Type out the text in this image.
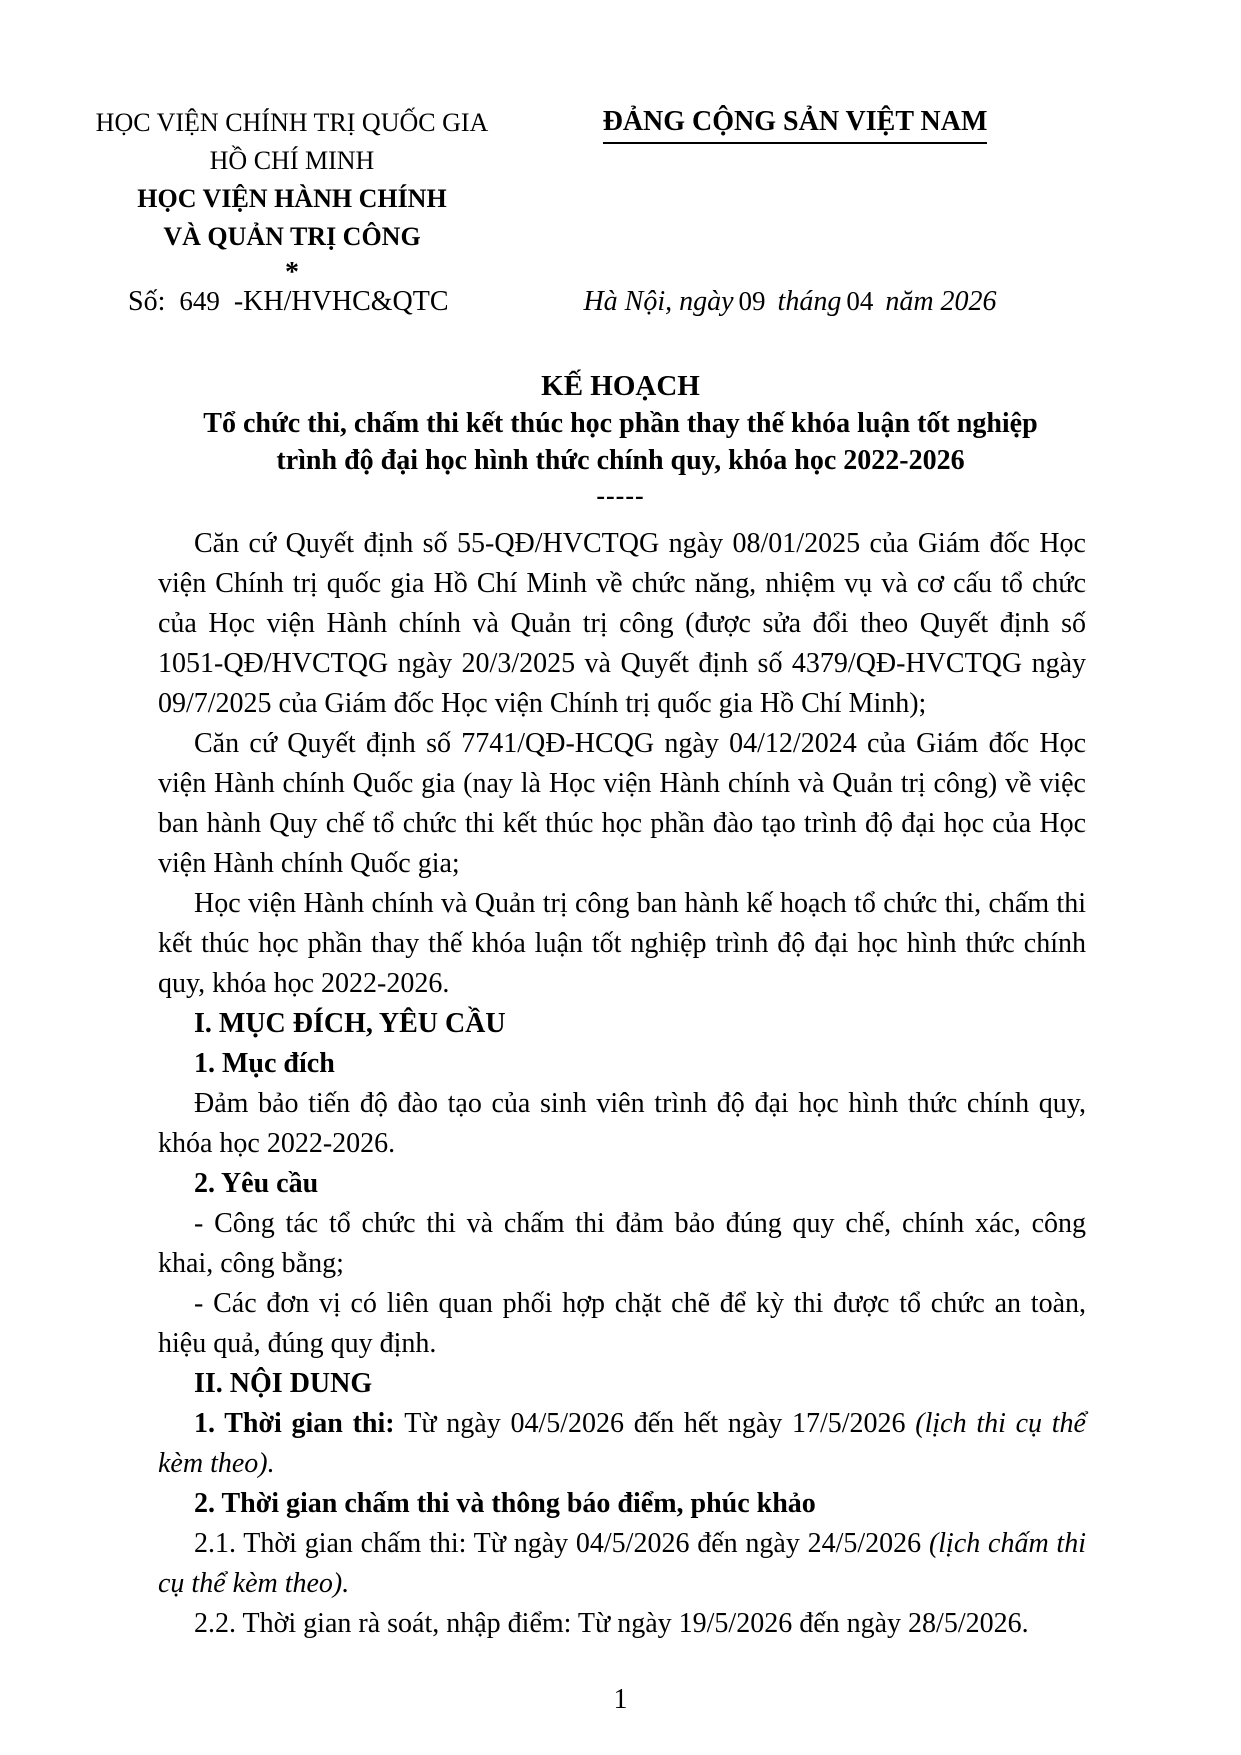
HỌC VIỆN CHÍNH TRỊ QUỐC GIA
HỒ CHÍ MINH
HỌC VIỆN HÀNH CHÍNH
VÀ QUẢN TRỊ CÔNG
*
ĐẢNG CỘNG SẢN VIỆT NAM
Số: 649 -KH/HVHC&QTC	Hà Nội, ngày 09 tháng 04 năm 2026
KẾ HOẠCH
Tổ chức thi, chấm thi kết thúc học phần thay thế khóa luận tốt nghiệp
trình độ đại học hình thức chính quy, khóa học 2022-2026
-----

Căn cứ Quyết định số 55-QĐ/HVCTQG ngày 08/01/2025 của Giám đốc Học viện Chính trị quốc gia Hồ Chí Minh về chức năng, nhiệm vụ và cơ cấu tổ chức của Học viện Hành chính và Quản trị công (được sửa đổi theo Quyết định số 1051-QĐ/HVCTQG ngày 20/3/2025 và Quyết định số 4379/QĐ-HVCTQG ngày 09/7/2025 của Giám đốc Học viện Chính trị quốc gia Hồ Chí Minh);

Căn cứ Quyết định số 7741/QĐ-HCQG ngày 04/12/2024 của Giám đốc Học viện Hành chính Quốc gia (nay là Học viện Hành chính và Quản trị công) về việc ban hành Quy chế tổ chức thi kết thúc học phần đào tạo trình độ đại học của Học viện Hành chính Quốc gia;

Học viện Hành chính và Quản trị công ban hành kế hoạch tổ chức thi, chấm thi kết thúc học phần thay thế khóa luận tốt nghiệp trình độ đại học hình thức chính quy, khóa học 2022-2026.

I. MỤC ĐÍCH, YÊU CẦU

1. Mục đích

Đảm bảo tiến độ đào tạo của sinh viên trình độ đại học hình thức chính quy, khóa học 2022-2026.

2. Yêu cầu

- Công tác tổ chức thi và chấm thi đảm bảo đúng quy chế, chính xác, công khai, công bằng;

- Các đơn vị có liên quan phối hợp chặt chẽ để kỳ thi được tổ chức an toàn, hiệu quả, đúng quy định.

II. NỘI DUNG

1. Thời gian thi: Từ ngày 04/5/2026 đến hết ngày 17/5/2026 (lịch thi cụ thể kèm theo).

2. Thời gian chấm thi và thông báo điểm, phúc khảo

2.1. Thời gian chấm thi: Từ ngày 04/5/2026 đến ngày 24/5/2026 (lịch chấm thi cụ thể kèm theo).

2.2. Thời gian rà soát, nhập điểm: Từ ngày 19/5/2026 đến ngày 28/5/2026.

1
